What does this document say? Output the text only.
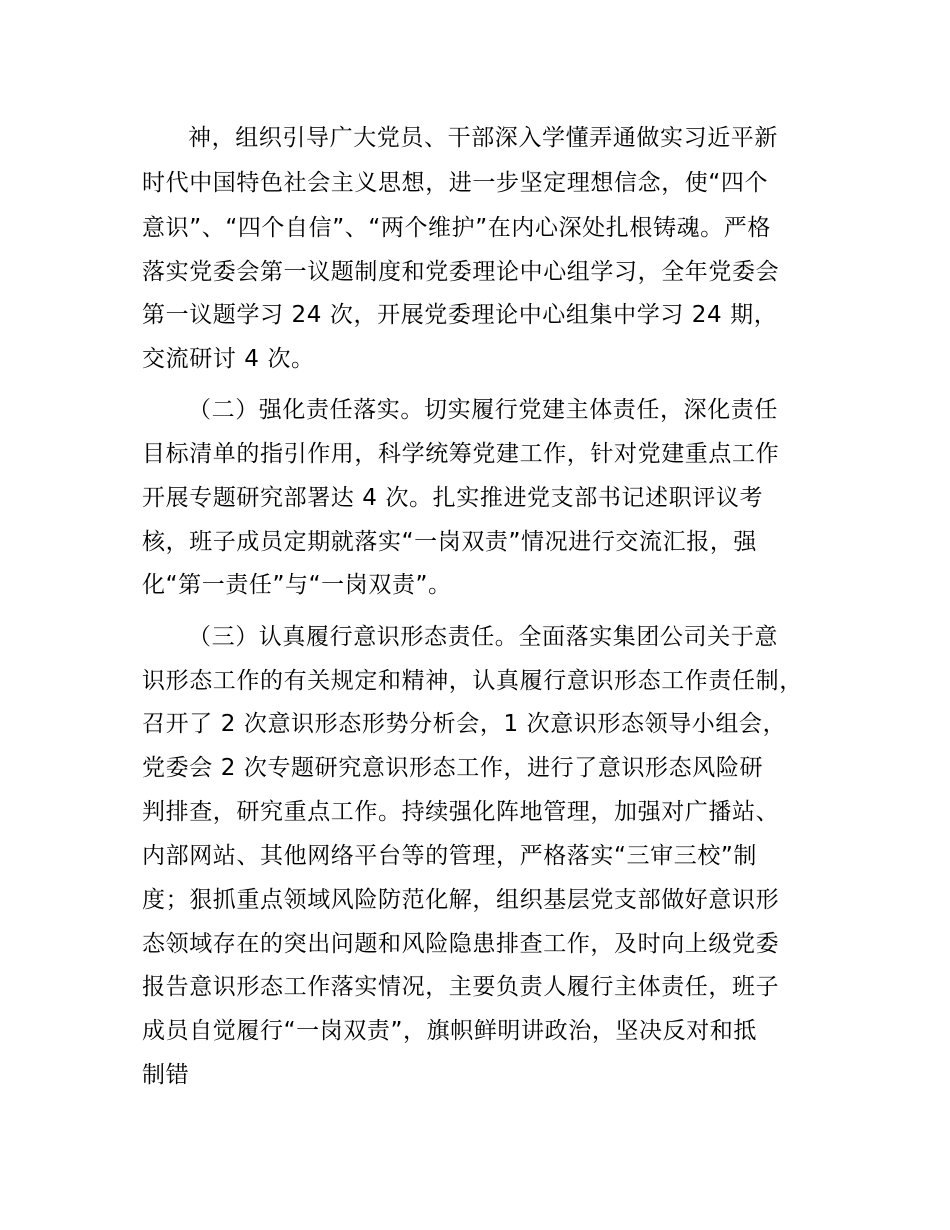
神，组织引导广大党员、干部深入学懂弄通做实习近平新
时代中国特色社会主义思想，进一步坚定理想信念，使“四个
意识”、“四个自信”、“两个维护”在内心深处扎根铸魂。严格
落实党委会第一议题制度和党委理论中心组学习，全年党委会
第一议题学习 24 次，开展党委理论中心组集中学习 24 期，
交流研讨 4 次。
（二）强化责任落实。切实履行党建主体责任，深化责任
目标清单的指引作用，科学统筹党建工作，针对党建重点工作
开展专题研究部署达 4 次。扎实推进党支部书记述职评议考
核，班子成员定期就落实“一岗双责”情况进行交流汇报，强
化“第一责任”与“一岗双责”。
（三）认真履行意识形态责任。全面落实集团公司关于意
识形态工作的有关规定和精神，认真履行意识形态工作责任制，
召开了 2 次意识形态形势分析会，1 次意识形态领导小组会，
党委会 2 次专题研究意识形态工作，进行了意识形态风险研
判排查，研究重点工作。持续强化阵地管理，加强对广播站、
内部网站、其他网络平台等的管理，严格落实“三审三校”制
度；狠抓重点领域风险防范化解，组织基层党支部做好意识形
态领域存在的突出问题和风险隐患排查工作，及时向上级党委
报告意识形态工作落实情况，主要负责人履行主体责任，班子
成员自觉履行“一岗双责”，旗帜鲜明讲政治，坚决反对和抵
制错
